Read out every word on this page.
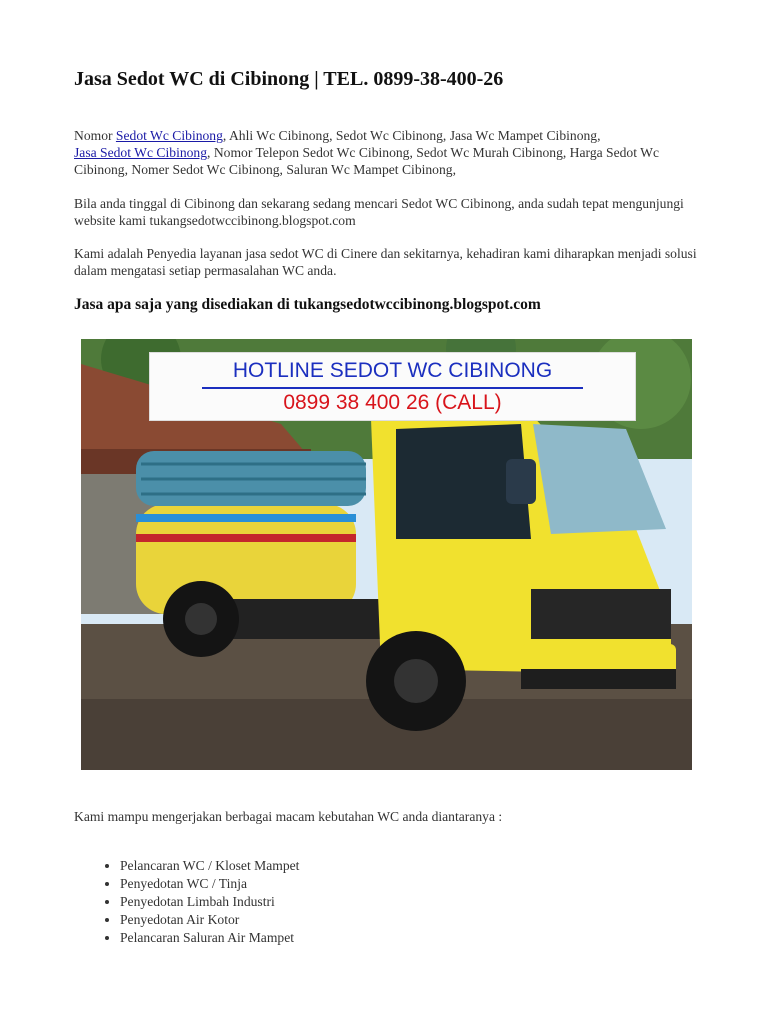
Jasa Sedot WC di Cibinong | TEL. 0899-38-400-26

Nomor Sedot Wc Cibinong, Ahli Wc Cibinong, Sedot Wc Cibinong, Jasa Wc Mampet Cibinong,
Jasa Sedot Wc Cibinong, Nomor Telepon Sedot Wc Cibinong, Sedot Wc Murah Cibinong, Harga Sedot Wc Cibinong, Nomer Sedot Wc Cibinong, Saluran Wc Mampet Cibinong,

Bila anda tinggal di Cibinong dan sekarang sedang mencari Sedot WC Cibinong, anda sudah tepat mengunjungi website kami tukangsedotwccibinong.blogspot.com

Kami adalah Penyedia layanan jasa sedot WC di Cinere dan sekitarnya, kehadiran kami diharapkan menjadi solusi dalam mengatasi setiap permasalahan WC anda.

Jasa apa saja yang disediakan di tukangsedotwccibinong.blogspot.com
HOTLINE SEDOT WC CIBINONG
0899 38 400 26 (CALL)

Kami mampu mengerjakan berbagai macam kebutahan WC anda diantaranya :

• Pelancaran WC / Kloset Mampet
• Penyedotan WC / Tinja
• Penyedotan Limbah Industri
• Penyedotan Air Kotor
• Pelancaran Saluran Air Mampet
